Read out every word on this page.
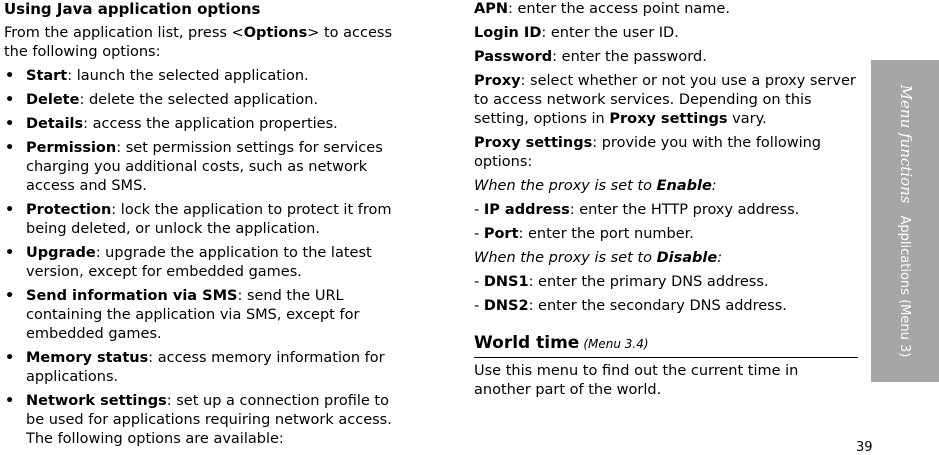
Using Java application options

From the application list, press <Options> to access the following options:

• Start: launch the selected application.
• Delete: delete the selected application.
• Details: access the application properties.
• Permission: set permission settings for services charging you additional costs, such as network access and SMS.
• Protection: lock the application to protect it from being deleted, or unlock the application.
• Upgrade: upgrade the application to the latest version, except for embedded games.
• Send information via SMS: send the URL containing the application via SMS, except for embedded games.
• Memory status: access memory information for applications.
• Network settings: set up a connection profile to be used for applications requiring network access. The following options are available:

APN: enter the access point name.

Login ID: enter the user ID.

Password: enter the password.

Proxy: select whether or not you use a proxy server to access network services. Depending on this setting, options in Proxy settings vary.

Proxy settings: provide you with the following options:

When the proxy is set to Enable:

- IP address: enter the HTTP proxy address.

- Port: enter the port number.

When the proxy is set to Disable:

- DNS1: enter the primary DNS address.

- DNS2: enter the secondary DNS address.

World time (Menu 3.4)

Use this menu to find out the current time in another part of the world.

Menu functionsApplications (Menu 3)
39
